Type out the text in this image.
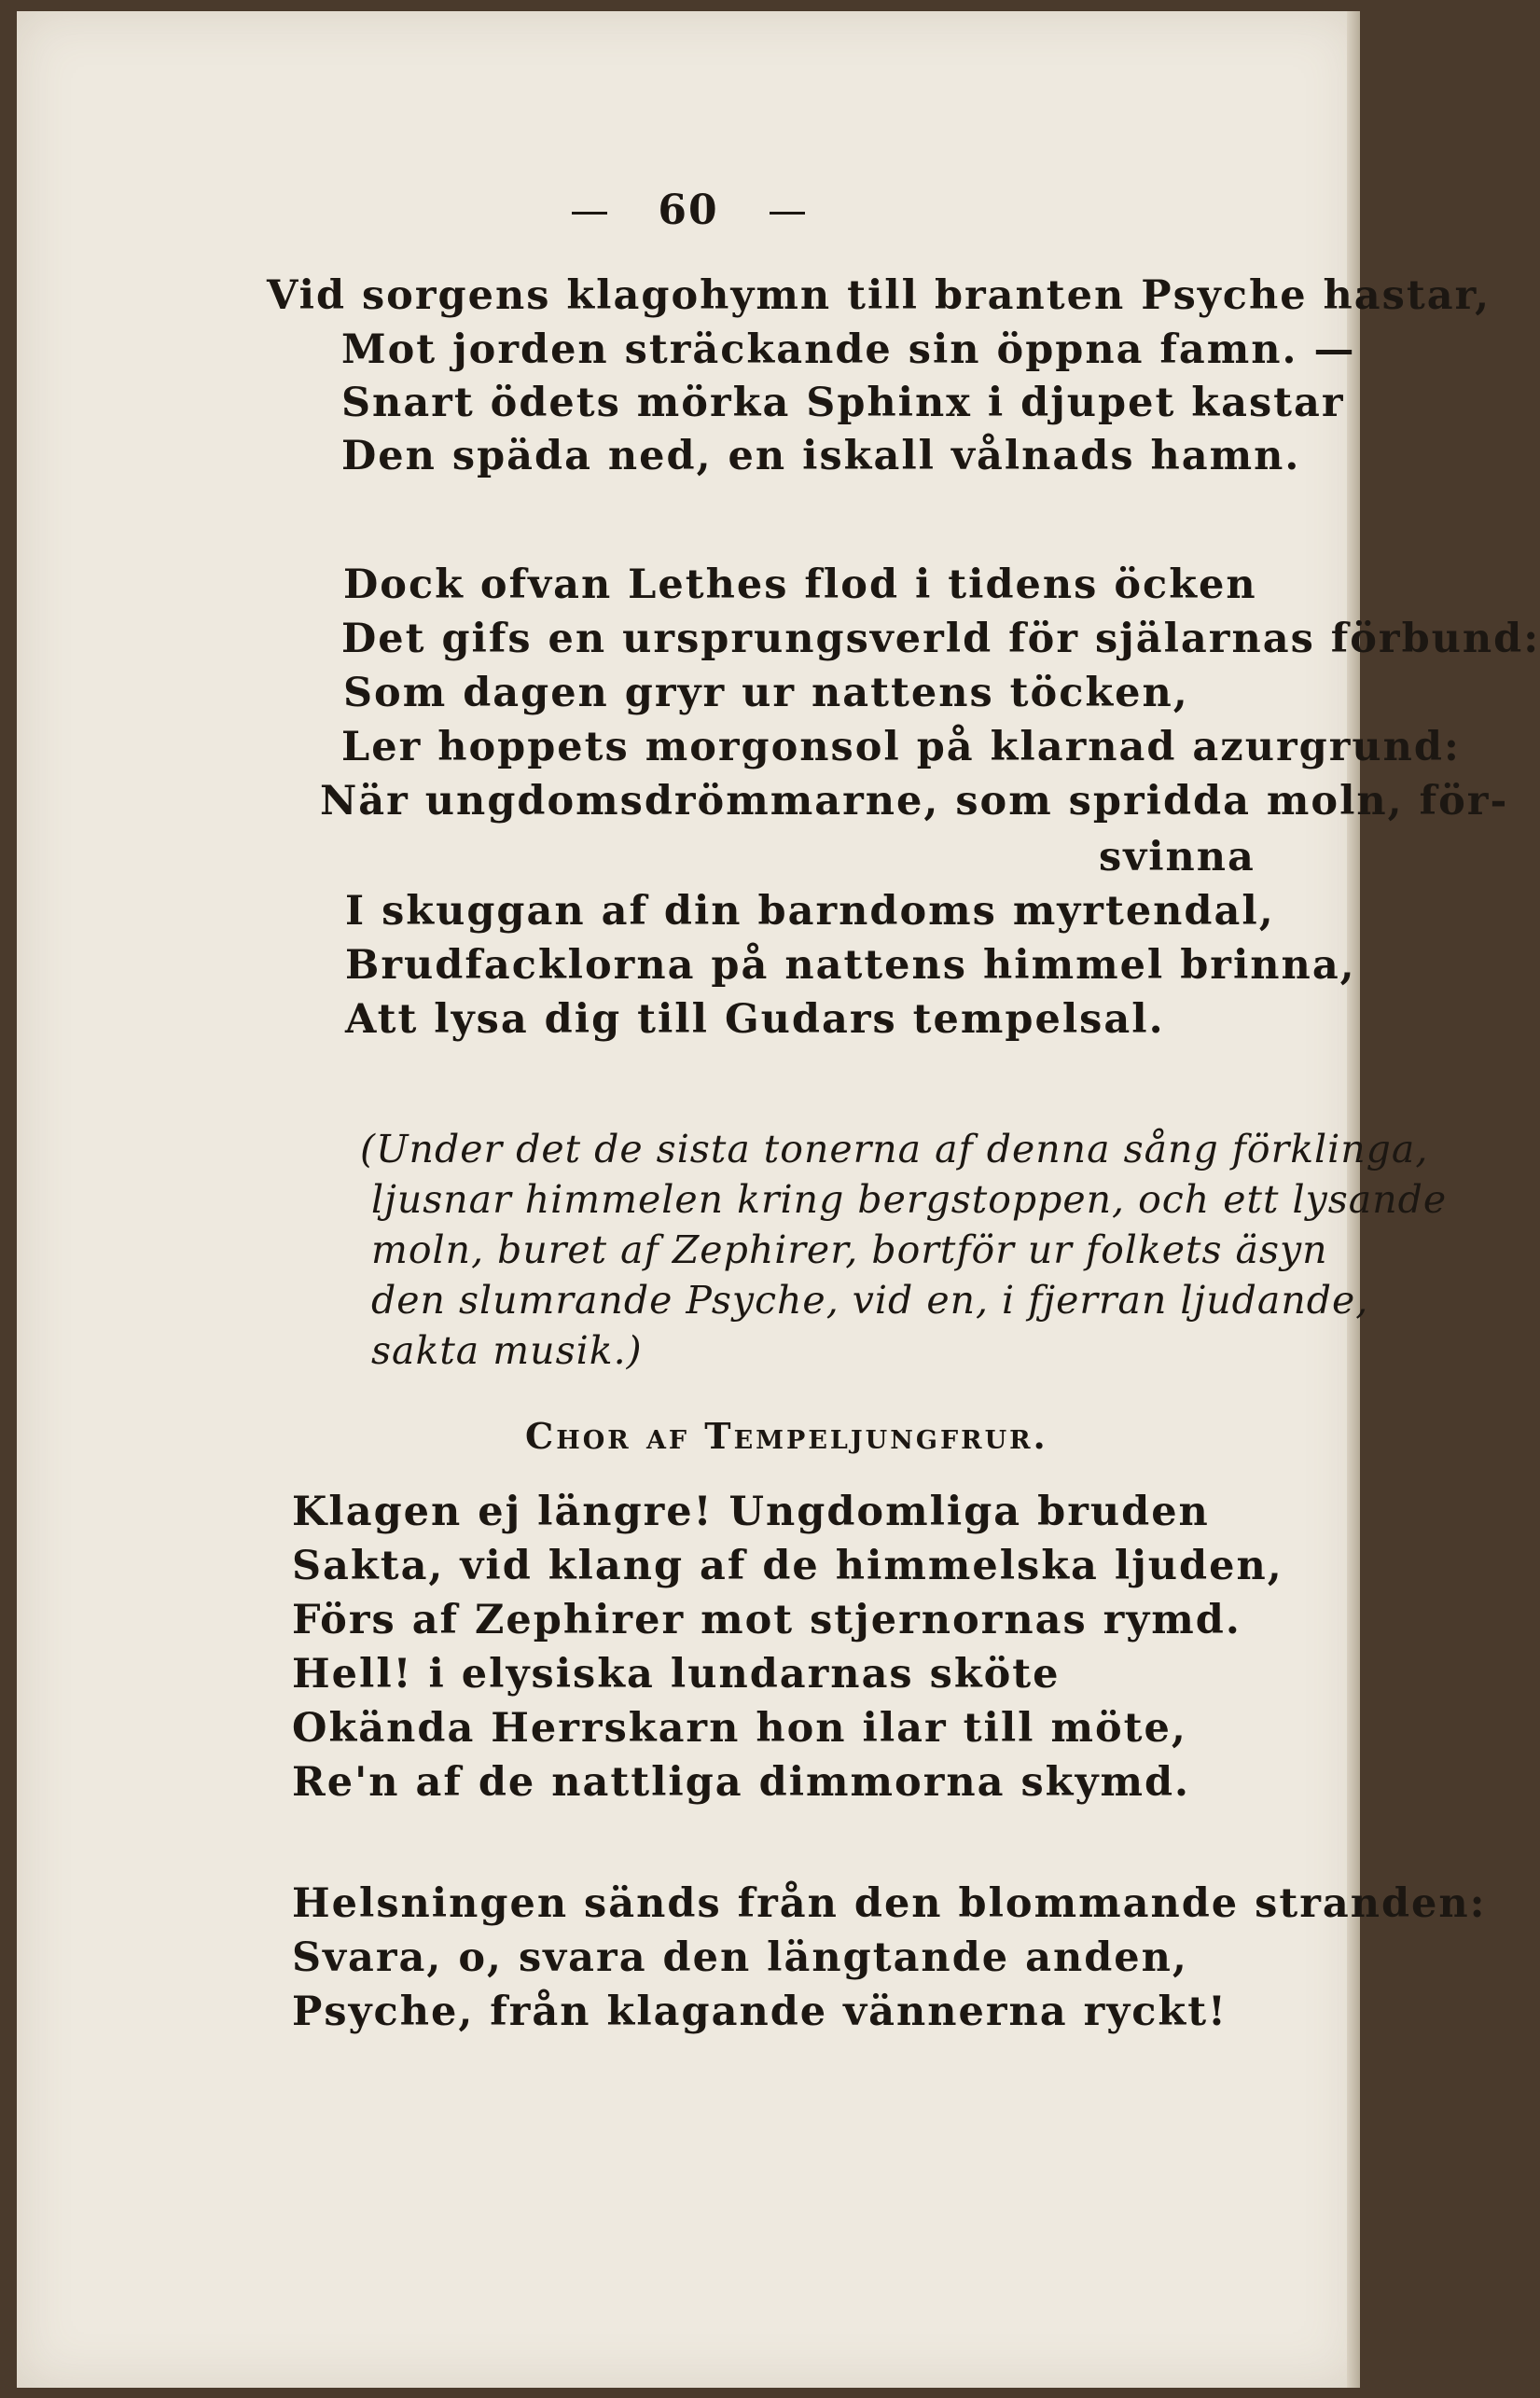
60
Vid sorgens klagohymn till branten Psyche hastar,
Mot jorden sträckande sin öppna famn. —
Snart ödets mörka Sphinx i djupet kastar
Den späda ned, en iskall vålnads hamn.
Dock ofvan Lethes flod i tidens öcken
Det gifs en ursprungsverld för själarnas förbund:
Som dagen gryr ur nattens töcken,
Ler hoppets morgonsol på klarnad azurgrund:
När ungdomsdrömmarne, som spridda moln, för-
svinna
I skuggan af din barndoms myrtendal,
Brudfacklorna på nattens himmel brinna,
Att lysa dig till Gudars tempelsal.
(Under det de sista tonerna af denna sång förklinga,
ljusnar himmelen kring bergstoppen, och ett lysande
moln, buret af Zephirer, bortför ur folkets äsyn
den slumrande Psyche, vid en, i fjerran ljudande,
sakta musik.)
Chor af Tempeljungfrur.
Klagen ej längre! Ungdomliga bruden
Sakta, vid klang af de himmelska ljuden,
Förs af Zephirer mot stjernornas rymd.
Hell! i elysiska lundarnas sköte
Okända Herrskarn hon ilar till möte,
Re'n af de nattliga dimmorna skymd.
Helsningen sänds från den blommande stranden:
Svara, o, svara den längtande anden,
Psyche, från klagande vännerna ryckt!
